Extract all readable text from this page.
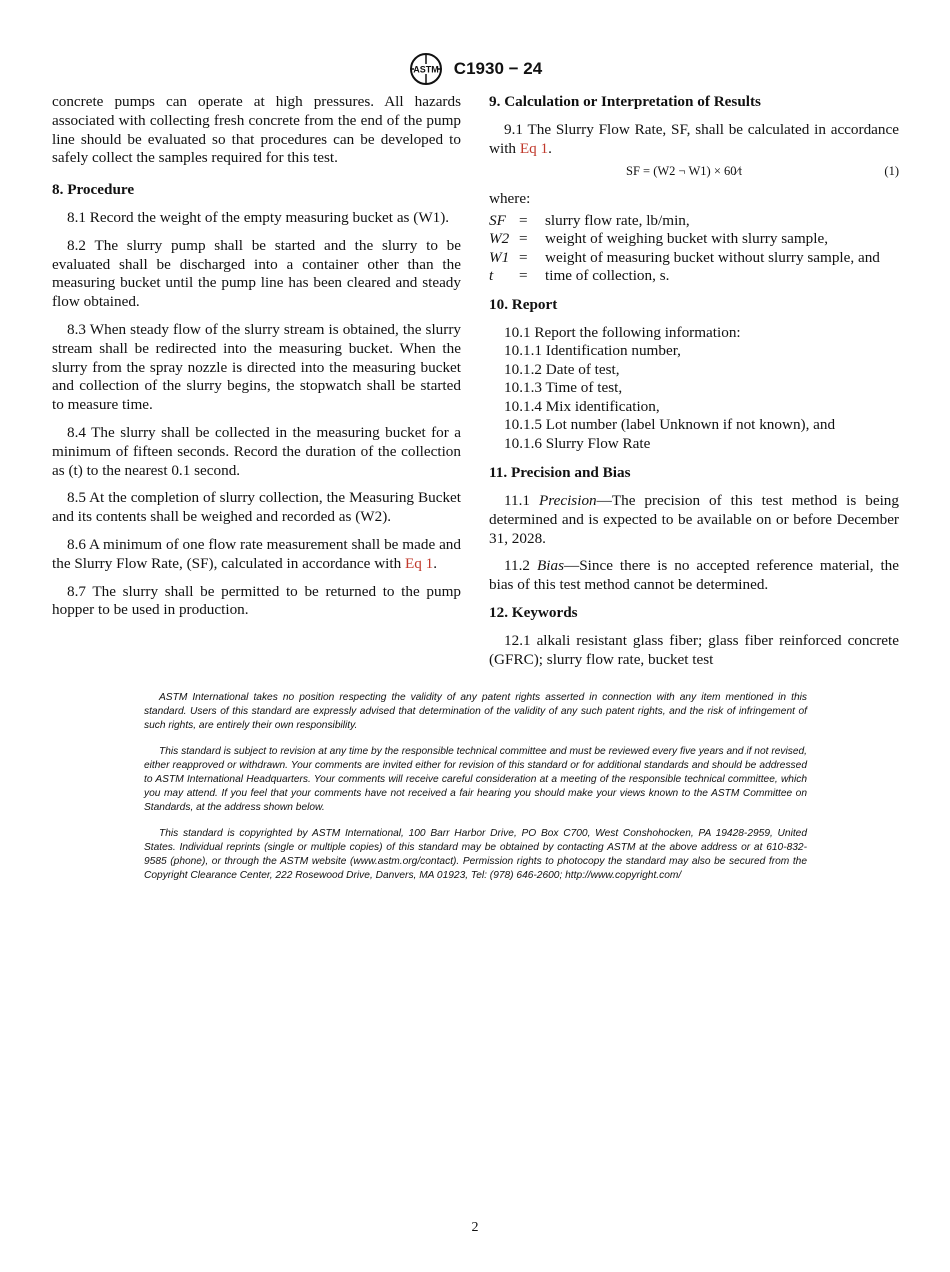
ASTM C1930 − 24

concrete pumps can operate at high pressures. All hazards associated with collecting fresh concrete from the end of the pump line should be evaluated so that procedures can be developed to safely collect the samples required for this test.

8. Procedure

8.1 Record the weight of the empty measuring bucket as (W1).

8.2 The slurry pump shall be started and the slurry to be evaluated shall be discharged into a container other than the measuring bucket until the pump line has been cleared and steady flow obtained.

8.3 When steady flow of the slurry stream is obtained, the slurry stream shall be redirected into the measuring bucket. When the slurry from the spray nozzle is directed into the measuring bucket and collection of the slurry begins, the stopwatch shall be started to measure time.

8.4 The slurry shall be collected in the measuring bucket for a minimum of fifteen seconds. Record the duration of the collection as (t) to the nearest 0.1 second.

8.5 At the completion of slurry collection, the Measuring Bucket and its contents shall be weighed and recorded as (W2).

8.6 A minimum of one flow rate measurement shall be made and the Slurry Flow Rate, (SF), calculated in accordance with Eq 1.

8.7 The slurry shall be permitted to be returned to the pump hopper to be used in production.

9. Calculation or Interpretation of Results

9.1 The Slurry Flow Rate, SF, shall be calculated in accordance with Eq 1.

SF = (W2 ¬ W1) × 60⁄t	(1)

where:

SF =	slurry flow rate, lb/min,
W2 =	weight of weighing bucket with slurry sample,
W1 =	weight of measuring bucket without slurry sample, and
t	=	time of collection, s.
10. Report
10.1 Report the following information:
10.1.1 Identification number,
10.1.2 Date of test,
10.1.3 Time of test,
10.1.4 Mix identification,
10.1.5 Lot number (label Unknown if not known), and
10.1.6 Slurry Flow Rate
11. Precision and Bias

11.1 Precision—The precision of this test method is being determined and is expected to be available on or before December 31, 2028.

11.2 Bias—Since there is no accepted reference material, the bias of this test method cannot be determined.

12. Keywords

12.1 alkali resistant glass fiber; glass fiber reinforced concrete (GFRC); slurry flow rate, bucket test

ASTM International takes no position respecting the validity of any patent rights asserted in connection with any item mentioned in this standard. Users of this standard are expressly advised that determination of the validity of any such patent rights, and the risk of infringement of such rights, are entirely their own responsibility.

This standard is subject to revision at any time by the responsible technical committee and must be reviewed every five years and if not revised, either reapproved or withdrawn. Your comments are invited either for revision of this standard or for additional standards and should be addressed to ASTM International Headquarters. Your comments will receive careful consideration at a meeting of the responsible technical committee, which you may attend. If you feel that your comments have not received a fair hearing you should make your views known to the ASTM Committee on Standards, at the address shown below.

This standard is copyrighted by ASTM International, 100 Barr Harbor Drive, PO Box C700, West Conshohocken, PA 19428-2959, United States. Individual reprints (single or multiple copies) of this standard may be obtained by contacting ASTM at the above address or at 610-832-9585 (phone), or through the ASTM website (www.astm.org/contact). Permission rights to photocopy the standard may also be secured from the Copyright Clearance Center, 222 Rosewood Drive, Danvers, MA 01923, Tel: (978) 646-2600; http://www.copyright.com/

2
